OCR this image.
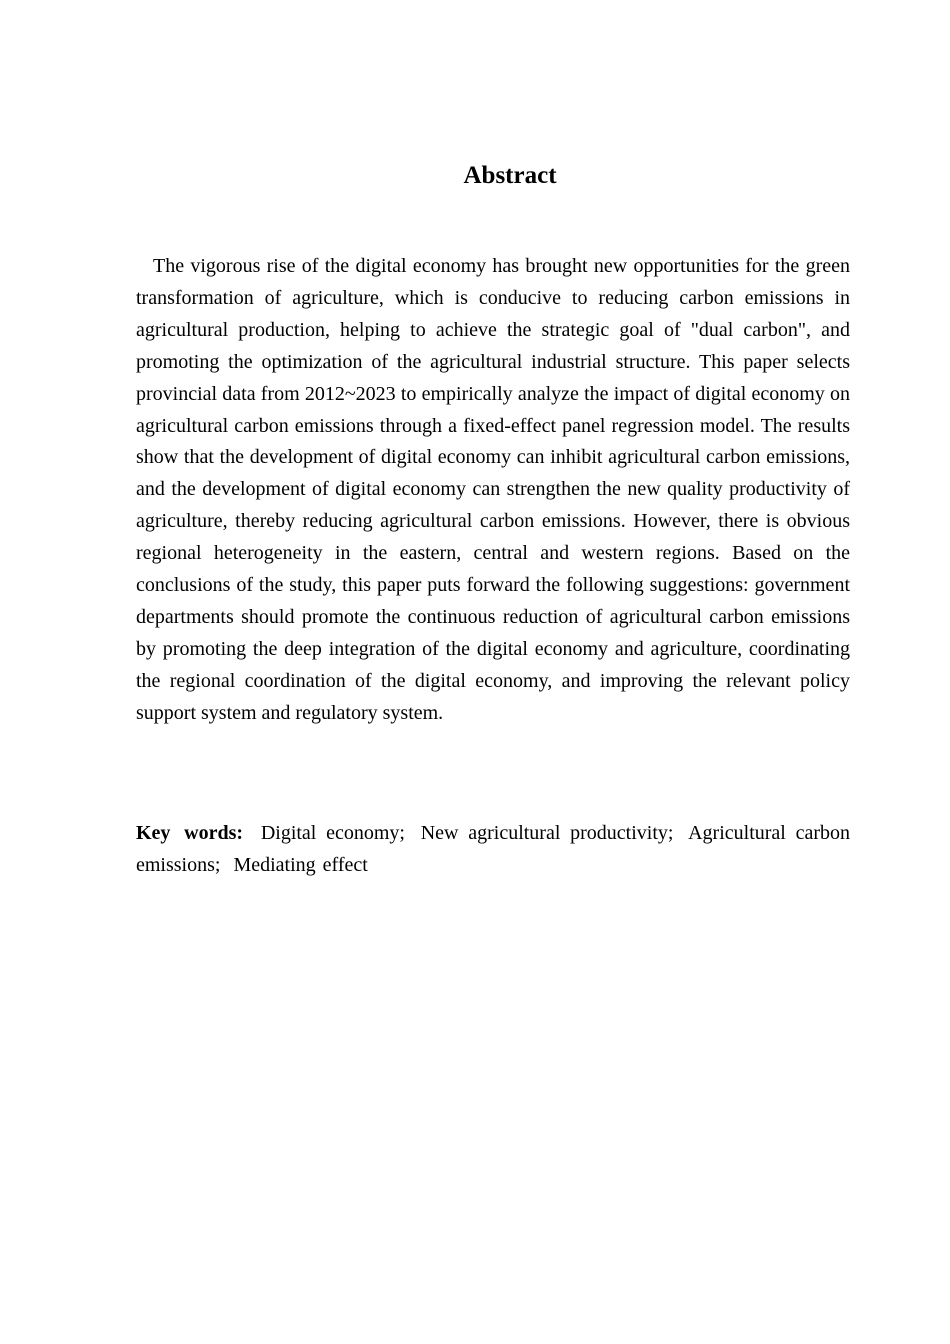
Abstract

The vigorous rise of the digital economy has brought new opportunities for the green transformation of agriculture, which is conducive to reducing carbon emissions in agricultural production, helping to achieve the strategic goal of "dual carbon", and promoting the optimization of the agricultural industrial structure. This paper selects provincial data from 2012~2023 to empirically analyze the impact of digital economy on agricultural carbon emissions through a fixed-effect panel regression model. The results show that the development of digital economy can inhibit agricultural carbon emissions, and the development of digital economy can strengthen the new quality productivity of agriculture, thereby reducing agricultural carbon emissions. However, there is obvious regional heterogeneity in the eastern, central and western regions. Based on the conclusions of the study, this paper puts forward the following suggestions: government departments should promote the continuous reduction of agricultural carbon emissions by promoting the deep integration of the digital economy and agriculture, coordinating the regional coordination of the digital economy, and improving the relevant policy support system and regulatory system.

Key words: Digital economy; New agricultural productivity; Agricultural carbon emissions; Mediating effect
